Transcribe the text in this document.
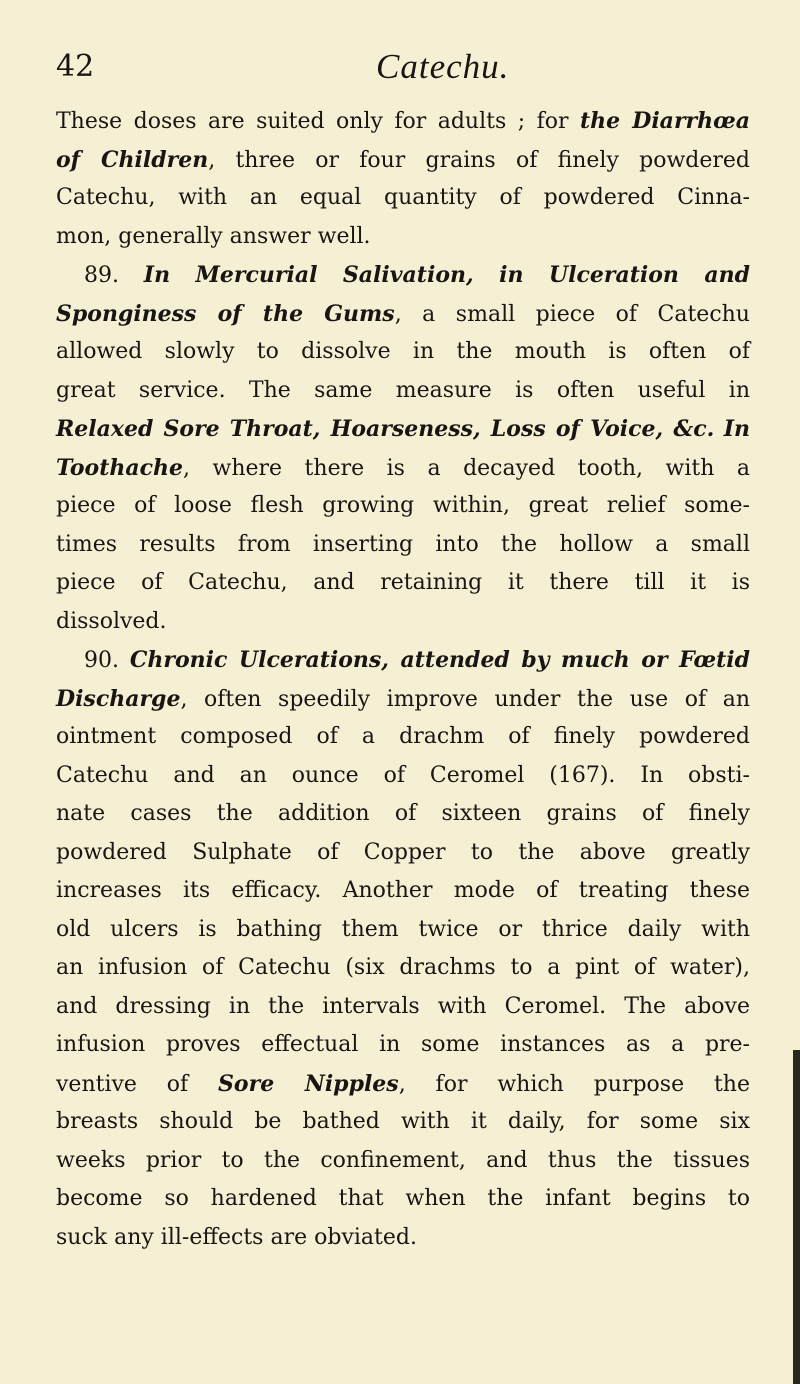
42	Catechu.
These doses are suited only for adults ; for the Diarrhœa
of Children, three or four grains of finely powdered
Catechu, with an equal quantity of powdered Cinna-
mon, generally answer well.
89. In Mercurial Salivation, in Ulceration and
Sponginess of the Gums, a small piece of Catechu
allowed slowly to dissolve in the mouth is often of
great service. The same measure is often useful in
Relaxed Sore Throat, Hoarseness, Loss of Voice, &c. In
Toothache, where there is a decayed tooth, with a
piece of loose flesh growing within, great relief some-
times results from inserting into the hollow a small
piece of Catechu, and retaining it there till it is
dissolved.
90. Chronic Ulcerations, attended by much or Fœtid
Discharge, often speedily improve under the use of an
ointment composed of a drachm of finely powdered
Catechu and an ounce of Ceromel (167). In obsti-
nate cases the addition of sixteen grains of finely
powdered Sulphate of Copper to the above greatly
increases its efficacy. Another mode of treating these
old ulcers is bathing them twice or thrice daily with
an infusion of Catechu (six drachms to a pint of water),
and dressing in the intervals with Ceromel. The above
infusion proves effectual in some instances as a pre-
ventive of Sore Nipples, for which purpose the
breasts should be bathed with it daily, for some six
weeks prior to the confinement, and thus the tissues
become so hardened that when the infant begins to
suck any ill-effects are obviated.
